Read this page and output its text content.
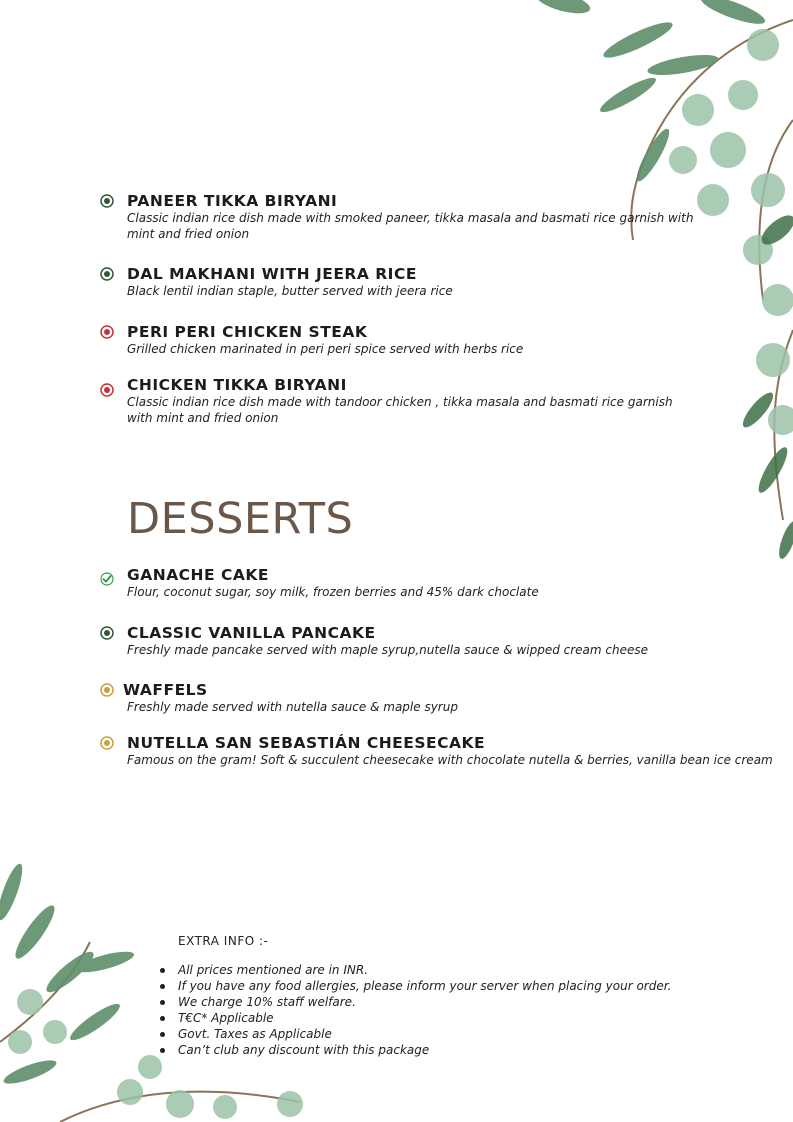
PANEER TIKKA BIRYANI
Classic indian rice dish made with smoked paneer, tikka masala and basmati rice garnish with mint and fried onion
DAL MAKHANI WITH JEERA RICE
Black lentil indian staple, butter served with jeera rice
PERI PERI CHICKEN STEAK
Grilled chicken marinated in peri peri spice served with herbs rice
CHICKEN TIKKA BIRYANI
Classic indian rice dish made with tandoor chicken , tikka masala and basmati rice garnish with mint and fried onion
DESSERTS
GANACHE CAKE
Flour, coconut sugar, soy milk, frozen berries and 45% dark choclate
CLASSIC VANILLA PANCAKE
Freshly made pancake served with maple syrup,nutella sauce & wipped cream cheese
WAFFELS
Freshly made served with nutella sauce & maple syrup
NUTELLA SAN SEBASTIÁN CHEESECAKE
Famous on the gram! Soft & succulent cheesecake with chocolate nutella & berries, vanilla bean ice cream
EXTRA INFO :-
All prices mentioned are in INR.
If you have any food allergies, please inform your server when placing your order.
We charge 10% staff welfare.
T€C* Applicable
Govt. Taxes as Applicable
Can’t club any discount with this package
